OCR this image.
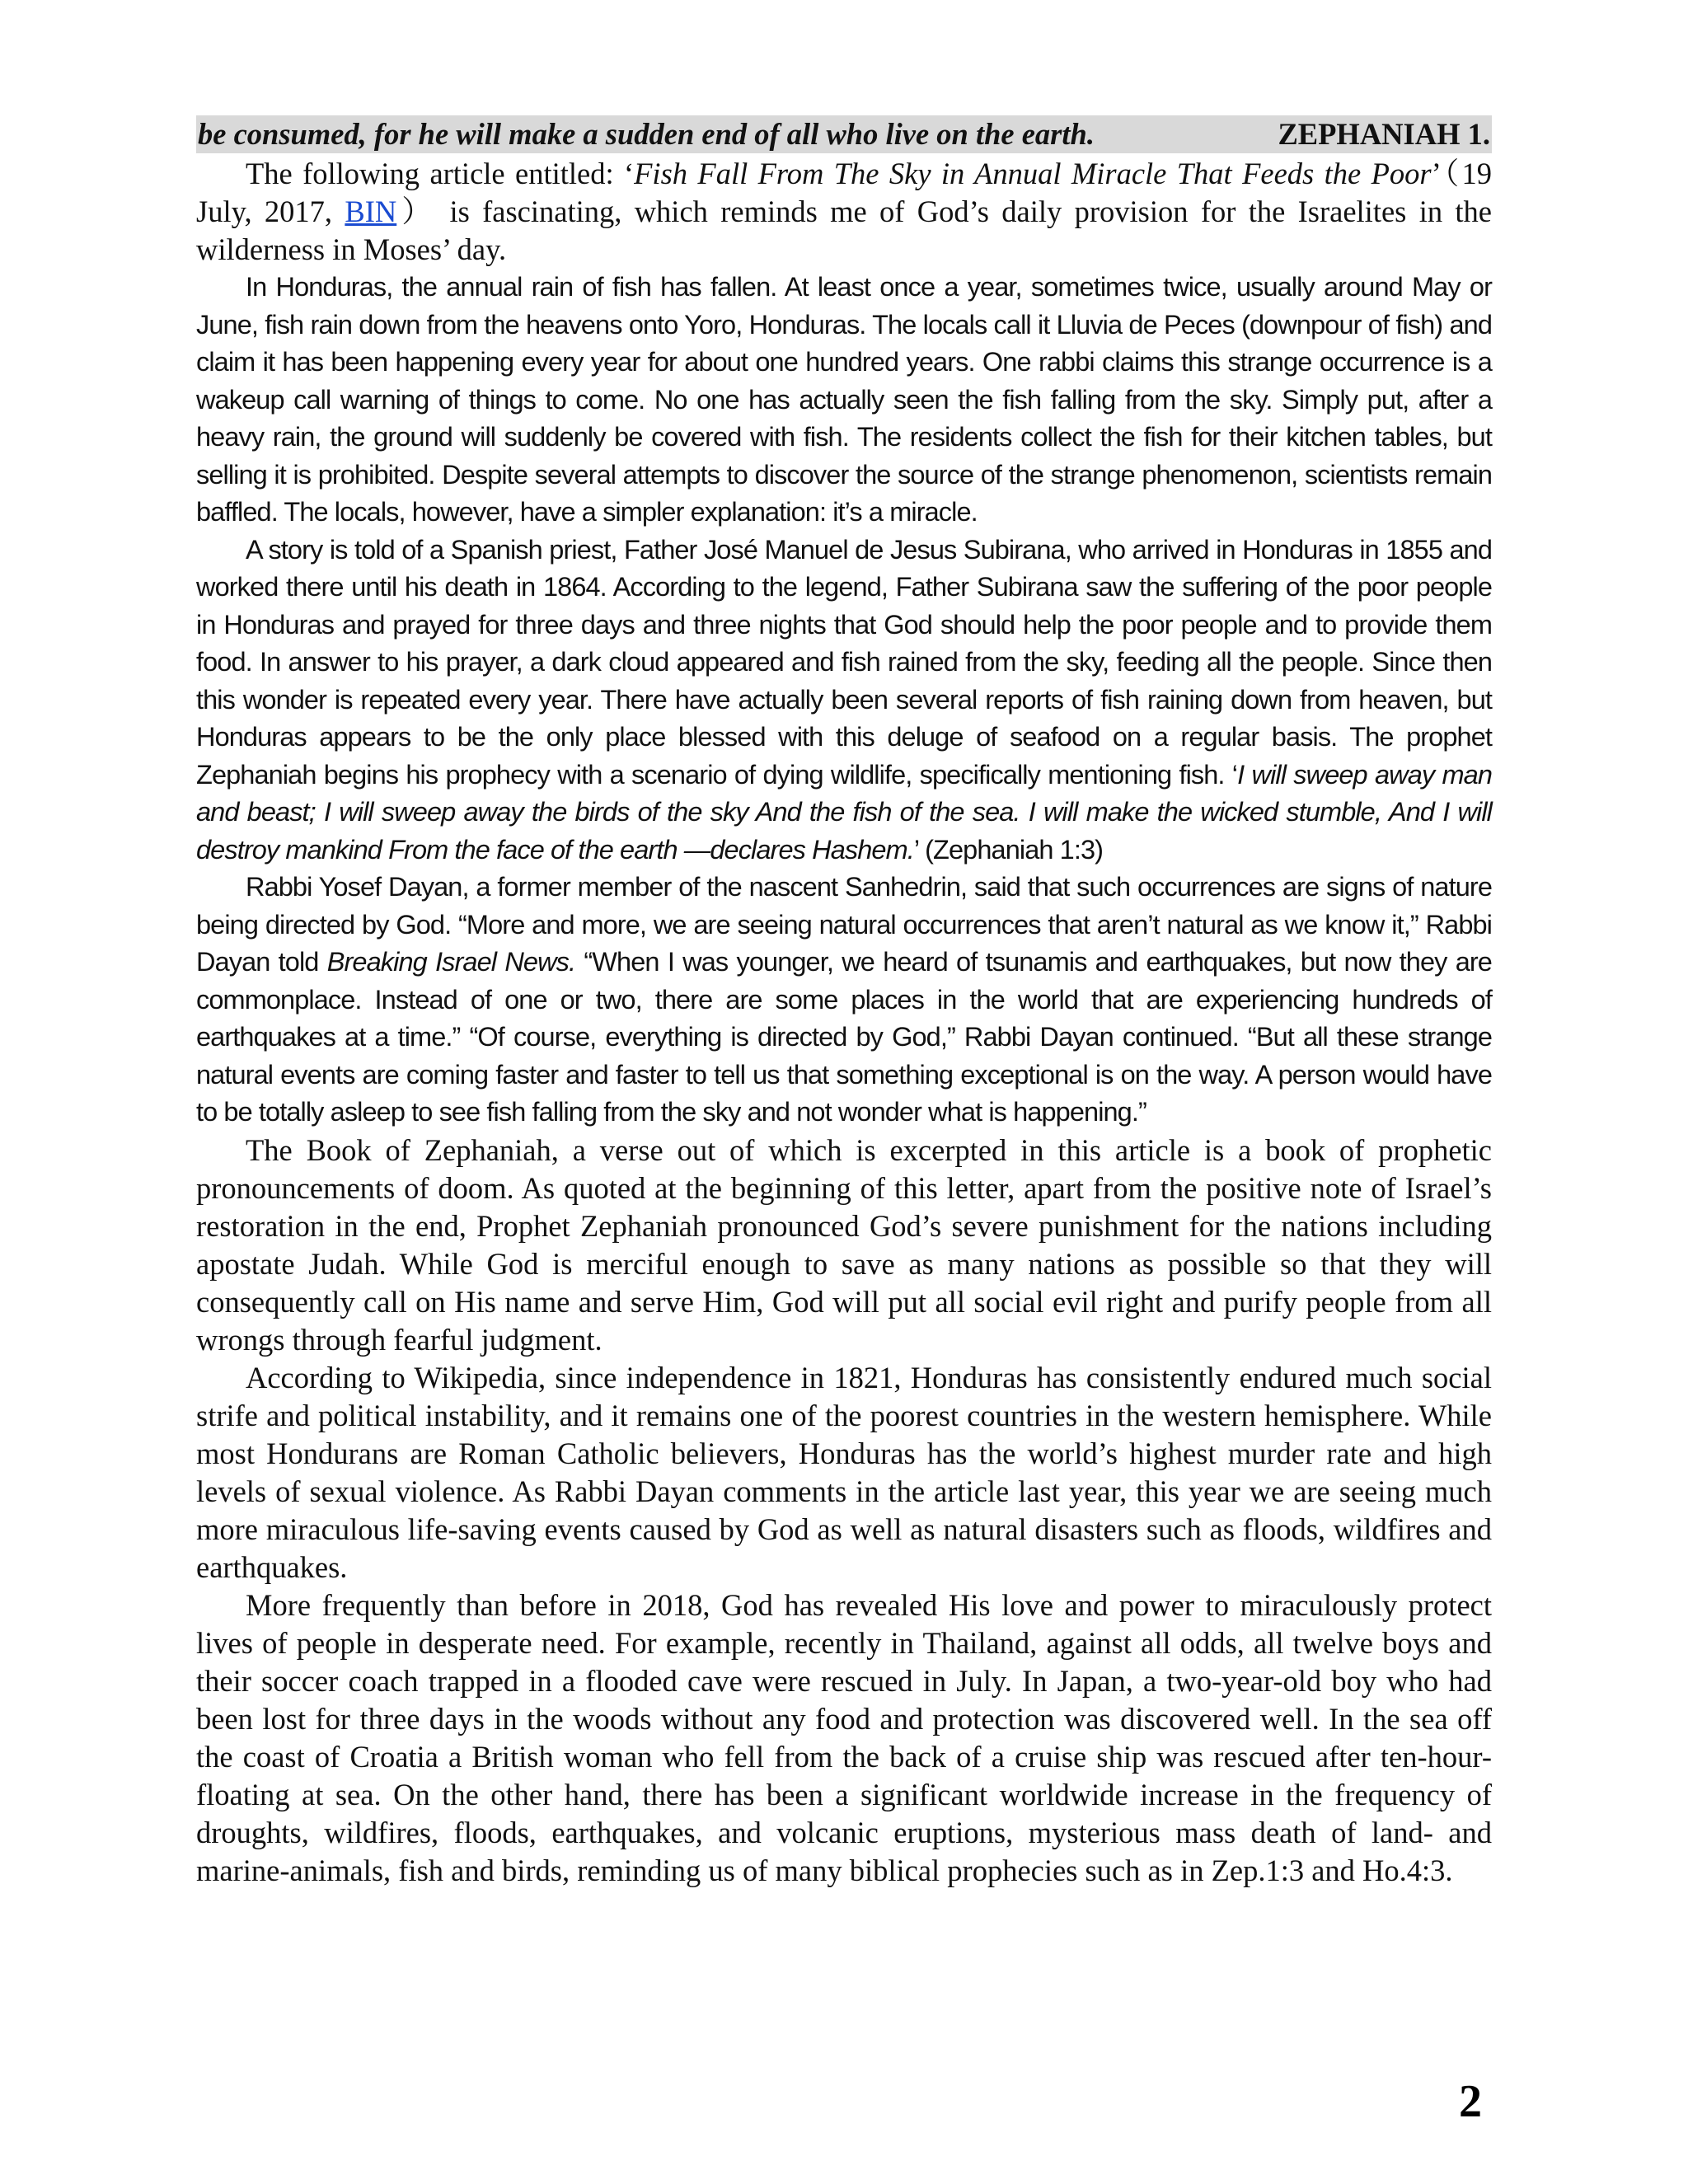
be consumed, for he will make a sudden end of all who live on the earth.	ZEPHANIAH 1.

The following article entitled: ‘Fish Fall From The Sky in Annual Miracle That Feeds the Poor’（19 July, 2017, BIN） is fascinating, which reminds me of God’s daily provision for the Israelites in the wilderness in Moses’ day.

In Honduras, the annual rain of fish has fallen. At least once a year, sometimes twice, usually around May or June, fish rain down from the heavens onto Yoro, Honduras. The locals call it Lluvia de Peces (downpour of fish) and claim it has been happening every year for about one hundred years. One rabbi claims this strange occurrence is a wakeup call warning of things to come. No one has actually seen the fish falling from the sky. Simply put, after a heavy rain, the ground will suddenly be covered with fish. The residents collect the fish for their kitchen tables, but selling it is prohibited. Despite several attempts to discover the source of the strange phenomenon, scientists remain baffled. The locals, however, have a simpler explanation: it’s a miracle.

A story is told of a Spanish priest, Father José Manuel de Jesus Subirana, who arrived in Honduras in 1855 and worked there until his death in 1864. According to the legend, Father Subirana saw the suffering of the poor people in Honduras and prayed for three days and three nights that God should help the poor people and to provide them food. In answer to his prayer, a dark cloud appeared and fish rained from the sky, feeding all the people. Since then this wonder is repeated every year. There have actually been several reports of fish raining down from heaven, but Honduras appears to be the only place blessed with this deluge of seafood on a regular basis. The prophet Zephaniah begins his prophecy with a scenario of dying wildlife, specifically mentioning fish. ‘I will sweep away man and beast; I will sweep away the birds of the sky And the fish of the sea. I will make the wicked stumble, And I will destroy mankind From the face of the earth —declares Hashem.’ (Zephaniah 1:3)

Rabbi Yosef Dayan, a former member of the nascent Sanhedrin, said that such occurrences are signs of nature being directed by God. “More and more, we are seeing natural occurrences that aren’t natural as we know it,” Rabbi Dayan told Breaking Israel News. “When I was younger, we heard of tsunamis and earthquakes, but now they are commonplace. Instead of one or two, there are some places in the world that are experiencing hundreds of earthquakes at a time.” “Of course, everything is directed by God,” Rabbi Dayan continued. “But all these strange natural events are coming faster and faster to tell us that something exceptional is on the way. A person would have to be totally asleep to see fish falling from the sky and not wonder what is happening.”

The Book of Zephaniah, a verse out of which is excerpted in this article is a book of prophetic pronouncements of doom. As quoted at the beginning of this letter, apart from the positive note of Israel’s restoration in the end, Prophet Zephaniah pronounced God’s severe punishment for the nations including apostate Judah. While God is merciful enough to save as many nations as possible so that they will consequently call on His name and serve Him, God will put all social evil right and purify people from all wrongs through fearful judgment.

According to Wikipedia, since independence in 1821, Honduras has consistently endured much social strife and political instability, and it remains one of the poorest countries in the western hemisphere. While most Hondurans are Roman Catholic believers, Honduras has the world’s highest murder rate and high levels of sexual violence. As Rabbi Dayan comments in the article last year, this year we are seeing much more miraculous life-saving events caused by God as well as natural disasters such as floods, wildfires and earthquakes.

More frequently than before in 2018, God has revealed His love and power to miraculously protect lives of people in desperate need. For example, recently in Thailand, against all odds, all twelve boys and their soccer coach trapped in a flooded cave were rescued in July. In Japan, a two-year-old boy who had been lost for three days in the woods without any food and protection was discovered well. In the sea off the coast of Croatia a British woman who fell from the back of a cruise ship was rescued after ten-hour-floating at sea. On the other hand, there has been a significant worldwide increase in the frequency of droughts, wildfires, floods, earthquakes, and volcanic eruptions, mysterious mass death of land- and marine-animals, fish and birds, reminding us of many biblical prophecies such as in Zep.1:3 and Ho.4:3.

2
